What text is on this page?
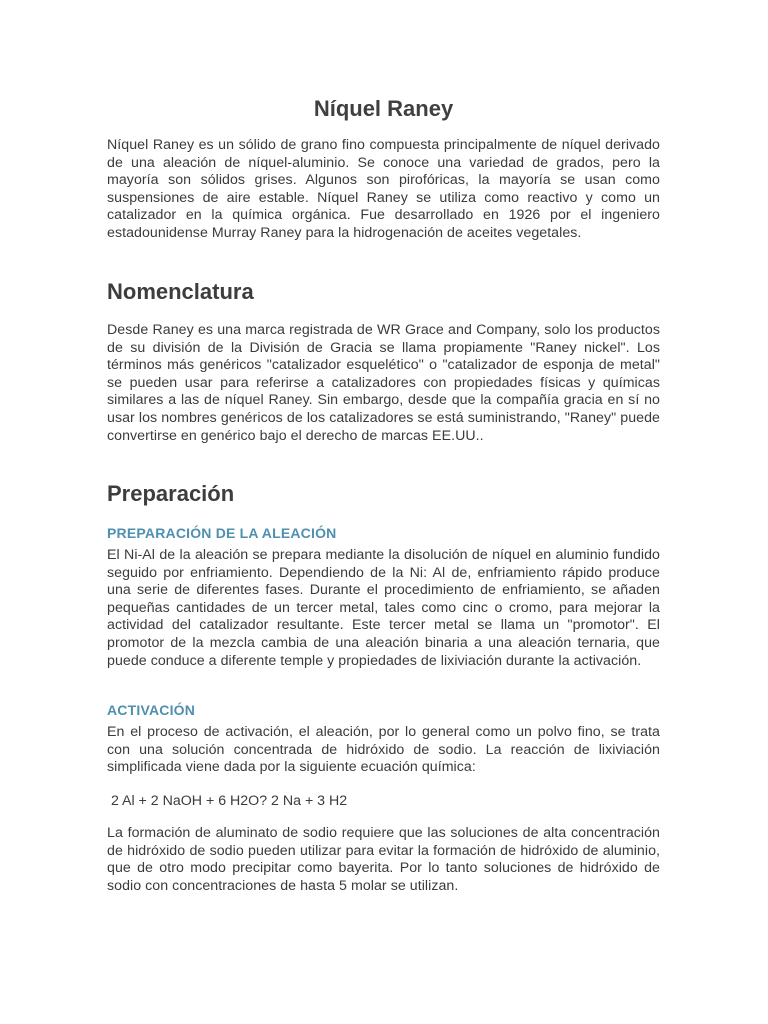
Níquel Raney

Níquel Raney es un sólido de grano fino compuesta principalmente de níquel derivado de una aleación de níquel-aluminio. Se conoce una variedad de grados, pero la mayoría son sólidos grises. Algunos son pirofóricas, la mayoría se usan como suspensiones de aire estable. Níquel Raney se utiliza como reactivo y como un catalizador en la química orgánica. Fue desarrollado en 1926 por el ingeniero estadounidense Murray Raney para la hidrogenación de aceites vegetales.

Nomenclatura

Desde Raney es una marca registrada de WR Grace and Company, solo los productos de su división de la División de Gracia se llama propiamente "Raney nickel". Los términos más genéricos "catalizador esquelético" o "catalizador de esponja de metal" se pueden usar para referirse a catalizadores con propiedades físicas y químicas similares a las de níquel Raney. Sin embargo, desde que la compañía gracia en sí no usar los nombres genéricos de los catalizadores se está suministrando, "Raney" puede convertirse en genérico bajo el derecho de marcas EE.UU..

Preparación
PREPARACIÓN DE LA ALEACIÓN

El Ni-Al de la aleación se prepara mediante la disolución de níquel en aluminio fundido seguido por enfriamiento. Dependiendo de la Ni: Al de, enfriamiento rápido produce una serie de diferentes fases. Durante el procedimiento de enfriamiento, se añaden pequeñas cantidades de un tercer metal, tales como cinc o cromo, para mejorar la actividad del catalizador resultante. Este tercer metal se llama un "promotor". El promotor de la mezcla cambia de una aleación binaria a una aleación ternaria, que puede conduce a diferente temple y propiedades de lixiviación durante la activación.

ACTIVACIÓN

En el proceso de activación, el aleación, por lo general como un polvo fino, se trata con una solución concentrada de hidróxido de sodio. La reacción de lixiviación simplificada viene dada por la siguiente ecuación química:

2 Al + 2 NaOH + 6 H2O? 2 Na + 3 H2

La formación de aluminato de sodio requiere que las soluciones de alta concentración de hidróxido de sodio pueden utilizar para evitar la formación de hidróxido de aluminio, que de otro modo precipitar como bayerita. Por lo tanto soluciones de hidróxido de sodio con concentraciones de hasta 5 molar se utilizan.
